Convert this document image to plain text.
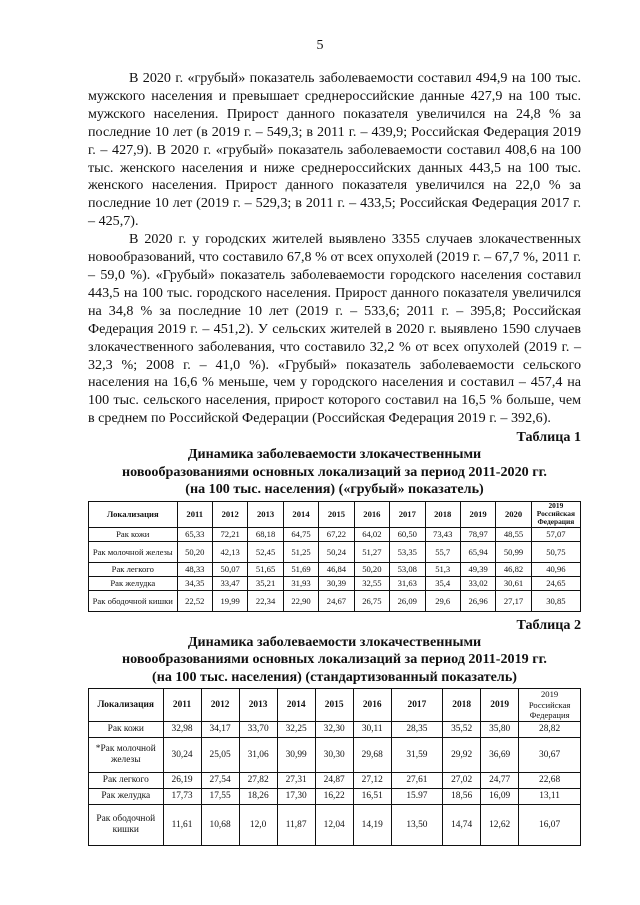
5

В 2020 г. «грубый» показатель заболеваемости составил 494,9 на 100 тыс. мужского населения и превышает среднероссийские данные 427,9 на 100 тыс. мужского населения. Прирост данного показателя увеличился на 24,8 % за последние 10 лет (в 2019 г. – 549,3; в 2011 г. – 439,9; Российская Федерация 2019 г. – 427,9). В 2020 г. «грубый» показатель заболеваемости составил 408,6 на 100 тыс. женского населения и ниже среднероссийских данных 443,5 на 100 тыс. женского населения. Прирост данного показателя увеличился на 22,0 % за последние 10 лет (2019 г. – 529,3; в 2011 г. – 433,5; Российская Федерация 2017 г. – 425,7).

В 2020 г. у городских жителей выявлено 3355 случаев злокачественных новообразований, что составило 67,8 % от всех опухолей (2019 г. – 67,7 %, 2011 г. – 59,0 %). «Грубый» показатель заболеваемости городского населения составил 443,5 на 100 тыс. городского населения. Прирост данного показателя увеличился на 34,8 % за последние 10 лет (2019 г. – 533,6; 2011 г. – 395,8; Российская Федерация 2019 г. – 451,2). У сельских жителей в 2020 г. выявлено 1590 случаев злокачественного заболевания, что составило 32,2 % от всех опухолей (2019 г. – 32,3 %; 2008 г. – 41,0 %). «Грубый» показатель заболеваемости сельского населения на 16,6 % меньше, чем у городского населения и составил – 457,4 на 100 тыс. сельского населения, прирост которого составил на 16,5 % больше, чем в среднем по Российской Федерации (Российская Федерация 2019 г. – 392,6).

Таблица 1
Динамика заболеваемости злокачественными
новообразованиями основных локализаций за период 2011-2020 гг.
(на 100 тыс. населения) («грубый» показатель)
Локализация	2011	2012	2013	2014	2015	2016	2017	2018	2019	2020	2019 Российская Федерация
Рак кожи	65,33	72,21	68,18	64,75	67,22	64,02	60,50	73,43	78,97	48,55	57,07
Рак молочной железы	50,20	42,13	52,45	51,25	50,24	51,27	53,35	55,7	65,94	50,99	50,75
Рак легкого	48,33	50,07	51,65	51,69	46,84	50,20	53,08	51,3	49,39	46,82	40,96
Рак желудка	34,35	33,47	35,21	31,93	30,39	32,55	31,63	35,4	33,02	30,61	24,65
Рак ободочной кишки	22,52	19,99	22,34	22,90	24,67	26,75	26,09	29,6	26,96	27,17	30,85
Таблица 2
Динамика заболеваемости злокачественными
новообразованиями основных локализаций за период 2011-2019 гг.
(на 100 тыс. населения) (стандартизованный показатель)
Локализация	2011	2012	2013	2014	2015	2016	2017	2018	2019	2019 Российская Федерация
Рак кожи	32,98	34,17	33,70	32,25	32,30	30,11	28,35	35,52	35,80	28,82
*Рак молочной железы	30,24	25,05	31,06	30,99	30,30	29,68	31,59	29,92	36,69	30,67
Рак легкого	26,19	27,54	27,82	27,31	24,87	27,12	27,61	27,02	24,77	22,68
Рак желудка	17,73	17,55	18,26	17,30	16,22	16,51	15.97	18,56	16,09	13,11
Рак ободочной кишки	11,61	10,68	12,0	11,87	12,04	14,19	13,50	14,74	12,62	16,07
